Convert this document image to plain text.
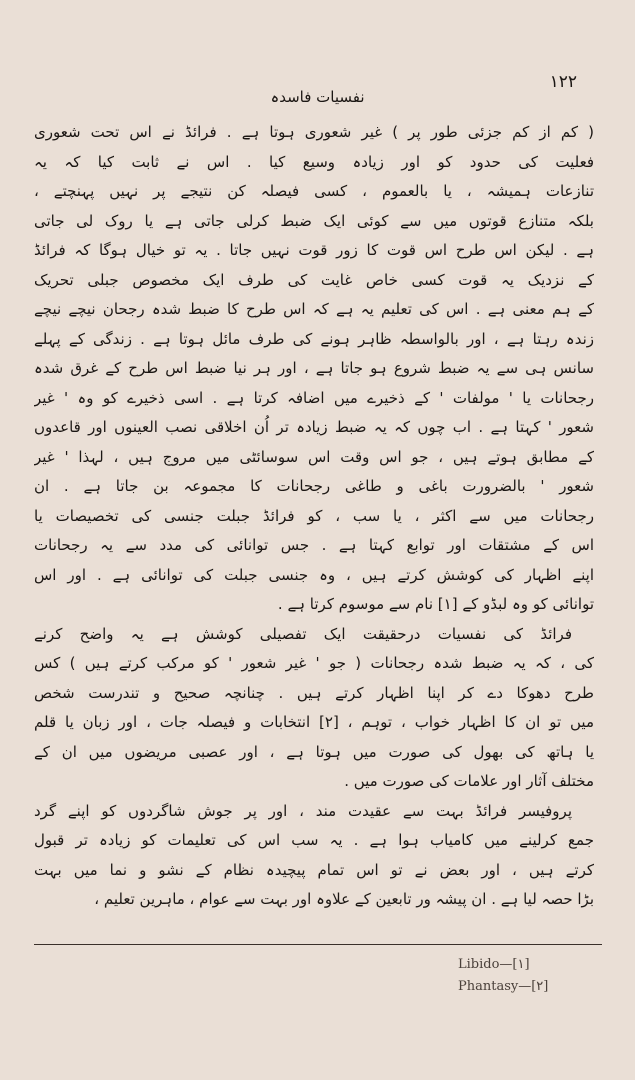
۱۲۲
نفسیات فاسدہ
( کم از کم جزئی طور پر ) غیر شعوری ہوتا ہے . فرائڈ نے اس تحت شعوری
فعلیت کی حدود کو اور زیادہ وسیع کیا . اس نے ثابت کیا کہ یہ
تنازعات ہمیشہ ، یا بالعموم ، کسی فیصلہ کن نتیجے پر نہیں پہنچتے ،
بلکہ متنازع قوتوں میں سے کوئی ایک ضبط کرلی جاتی ہے یا روک لی جاتی
ہے . لیکن اس طرح اس قوت کا زور قوت نہیں جاتا . یہ تو خیال ہوگا کہ فرائڈ
کے نزدیک یہ قوت کسی خاص غایت کی طرف ایک مخصوص جبلی تحریک
کے ہم معنی ہے . اس کی تعلیم یہ ہے کہ اس طرح کا ضبط شدہ رجحان نیچے نیچے
زندہ رہتا ہے ، اور بالواسطہ ظاہر ہونے کی طرف مائل ہوتا ہے . زندگی کے پہلے
سانس ہی سے یہ ضبط شروع ہو جاتا ہے ، اور ہر نیا ضبط اس طرح کے غرق شدہ
رجحانات یا ' مولفات ' کے ذخیرے میں اضافہ کرتا ہے . اسی ذخیرے کو وہ ' غیر
شعور ' کہتا ہے . اب چوں کہ یہ ضبط زیادہ تر اُن اخلاقی نصب العینوں اور قاعدوں
کے مطابق ہوتے ہیں ، جو اس وقت اس سوسائٹی میں مروج ہیں ، لہذا ' غیر
شعور ' بالضرورت باغی و طاغی رجحانات کا مجموعہ بن جاتا ہے . ان
رجحانات میں سے اکثر ، یا سب ، کو فرائڈ جبلت جنسی کی تخصیصات یا
اس کے مشتقات اور توابع کہتا ہے . جس توانائی کی مدد سے یہ رجحانات
اپنے اظہار کی کوشش کرتے ہیں ، وہ جنسی جبلت کی توانائی ہے . اور اس
توانائی کو وہ لبڈو کے [۱] نام سے موسوم کرتا ہے .
فرائڈ کی نفسیات درحقیقت ایک تفصیلی کوشش ہے یہ واضح کرنے
کی ، کہ یہ ضبط شدہ رجحانات ( جو ' غیر شعور ' کو مرکب کرتے ہیں ) کس
طرح دھوکا دے کر اپنا اظہار کرتے ہیں . چنانچہ صحیح و تندرست شخص
میں تو ان کا اظہار خواب ، توہم ، [۲] انتخابات و فیصلہ جات ، اور زبان یا قلم
یا ہاتھ کی بھول کی صورت میں ہوتا ہے ، اور عصبی مریضوں میں ان کے
مختلف آثار اور علامات کی صورت میں .
پروفیسر فرائڈ بہت سے عقیدت مند ، اور پر جوش شاگردوں کو اپنے گرد
جمع کرلینے میں کامیاب ہوا ہے . یہ سب اس کی تعلیمات کو زیادہ تر قبول
کرتے ہیں ، اور بعض نے تو اس تمام پیچیدہ نظام کے نشو و نما میں بہت
بڑا حصہ لیا ہے . ان پیشہ ور تابعین کے علاوہ اور بہت سے عوام ، ماہرین تعلیم ،
Libido—[۱]
Phantasy—[۲]
